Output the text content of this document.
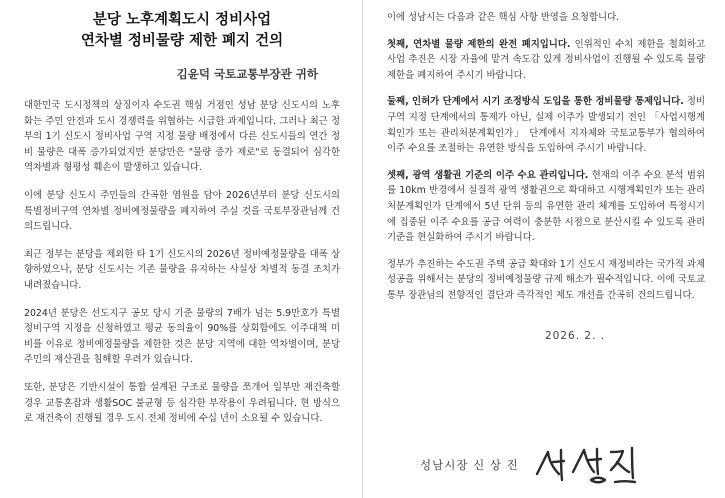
분당 노후계획도시 정비사업
연차별 정비물량 제한 폐지 건의
김윤덕 국토교통부장관 귀하

대한민국 도시정책의 상징이자 수도권 핵심 거점인 성남 분당 신도시의 노후화는 주민 안전과 도시 경쟁력을 위협하는 시급한 과제입니다. 그러나 최근 정부의 1기 신도시 정비사업 구역 지정 물량 배정에서 다른 신도시들의 연간 정비 물량은 대폭 증가되었지만 분당만은 "물량 증가 제로"로 동결되어 심각한 역차별과 형평성 훼손이 발생하고 있습니다.

이에 분당 신도시 주민들의 간곡한 염원을 담아 2026년부터 분당 신도시의 특별정비구역 연차별 정비예정물량을 폐지하여 주실 것을 국토부장관님께 건의드립니다.

최근 정부는 분당을 제외한 타 1기 신도시의 2026년 정비예정물량을 대폭 상향하였으나, 분당 신도시는 기존 물량을 유지하는 사실상 차별적 동결 조치가 내려졌습니다.

2024년 분당은 선도지구 공모 당시 기준 물량의 7배가 넘는 5.9만호가 특별정비구역 지정을 신청하였고 평균 동의율이 90%를 상회함에도 이주대책 미비를 이유로 정비예정물량을 제한한 것은 분당 지역에 대한 역차별이며, 분당 주민의 재산권을 침해할 우려가 있습니다.

또한, 분당은 기반시설이 통합 설계된 구조로 물량을 쪼개어 일부만 재건축할 경우 교통혼잡과 생활SOC 불균형 등 심각한 부작용이 우려됩니다. 현 방식으로 재건축이 진행될 경우 도시 전체 정비에 수십 년이 소요될 수 있습니다.

이에 성남시는 다음과 같은 핵심 사항 반영을 요청합니다.

첫째, 연차별 물량 제한의 완전 폐지입니다. 인위적인 수치 제한을 철회하고 사업 추진은 시장 자율에 맡겨 속도감 있게 정비사업이 진행될 수 있도록 물량 제한을 폐지하여 주시기 바랍니다.

둘째, 인허가 단계에서 시기 조정방식 도입을 통한 정비물량 통제입니다. 정비구역 지정 단계에서의 통제가 아닌, 실제 이주가 발생되기 전인 「사업시행계획인가 또는 관리처분계획인가」 단계에서 지자체와 국토교통부가 협의하여 이주 수요를 조절하는 유연한 방식을 도입하여 주시기 바랍니다.

셋째, 광역 생활권 기준의 이주 수요 관리입니다. 현재의 이주 수요 분석 범위를 10km 반경에서 실질적 광역 생활권으로 확대하고 시행계획인가 또는 관리처분계획인가 단계에서 5년 단위 등의 유연한 관리 체계를 도입하여 특정시기에 집중된 이주 수요를 공급 여력이 충분한 시점으로 분산시킬 수 있도록 관리 기준을 현실화하여 주시기 바랍니다.

정부가 추진하는 수도권 주택 공급 확대와 1기 신도시 재정비라는 국가적 과제 성공을 위해서는 분당의 정비예정물량 규제 해소가 필수적입니다. 이에 국토교통부 장관님의 전향적인 결단과 즉각적인 제도 개선을 간곡히 건의드립니다.

2026. 2. .
성남시장 신 상 진
